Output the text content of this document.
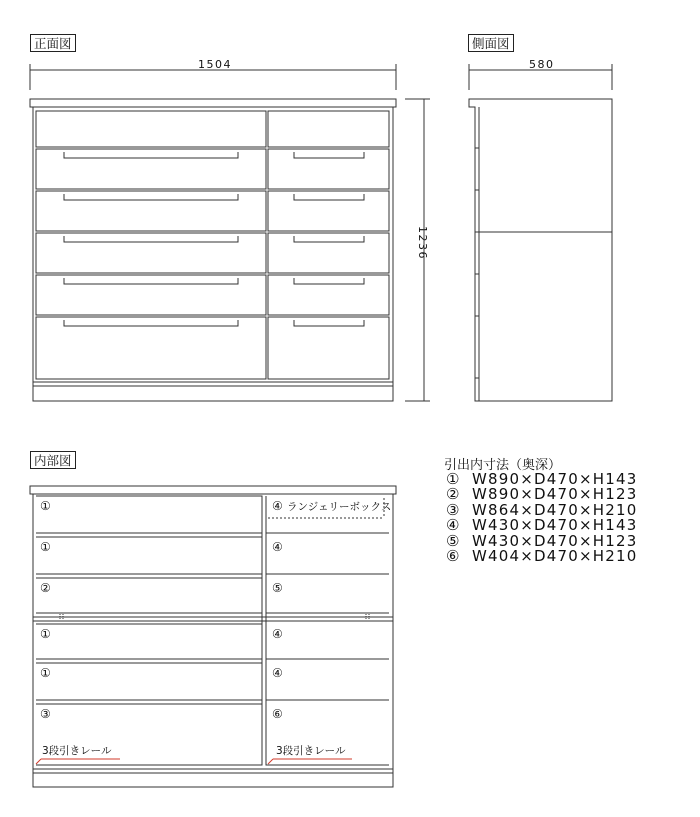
正面図	側面図
内部図
1504	580
1236
①
①
②
①
①
③
④ ランジェリーボックス
④
⑤
④
④
⑥
3段引きレール	3段引きレール
引出内寸法（奥深）
① W890×D470×H143
② W890×D470×H123
③ W864×D470×H210
④ W430×D470×H143
⑤ W430×D470×H123
⑥ W404×D470×H210
